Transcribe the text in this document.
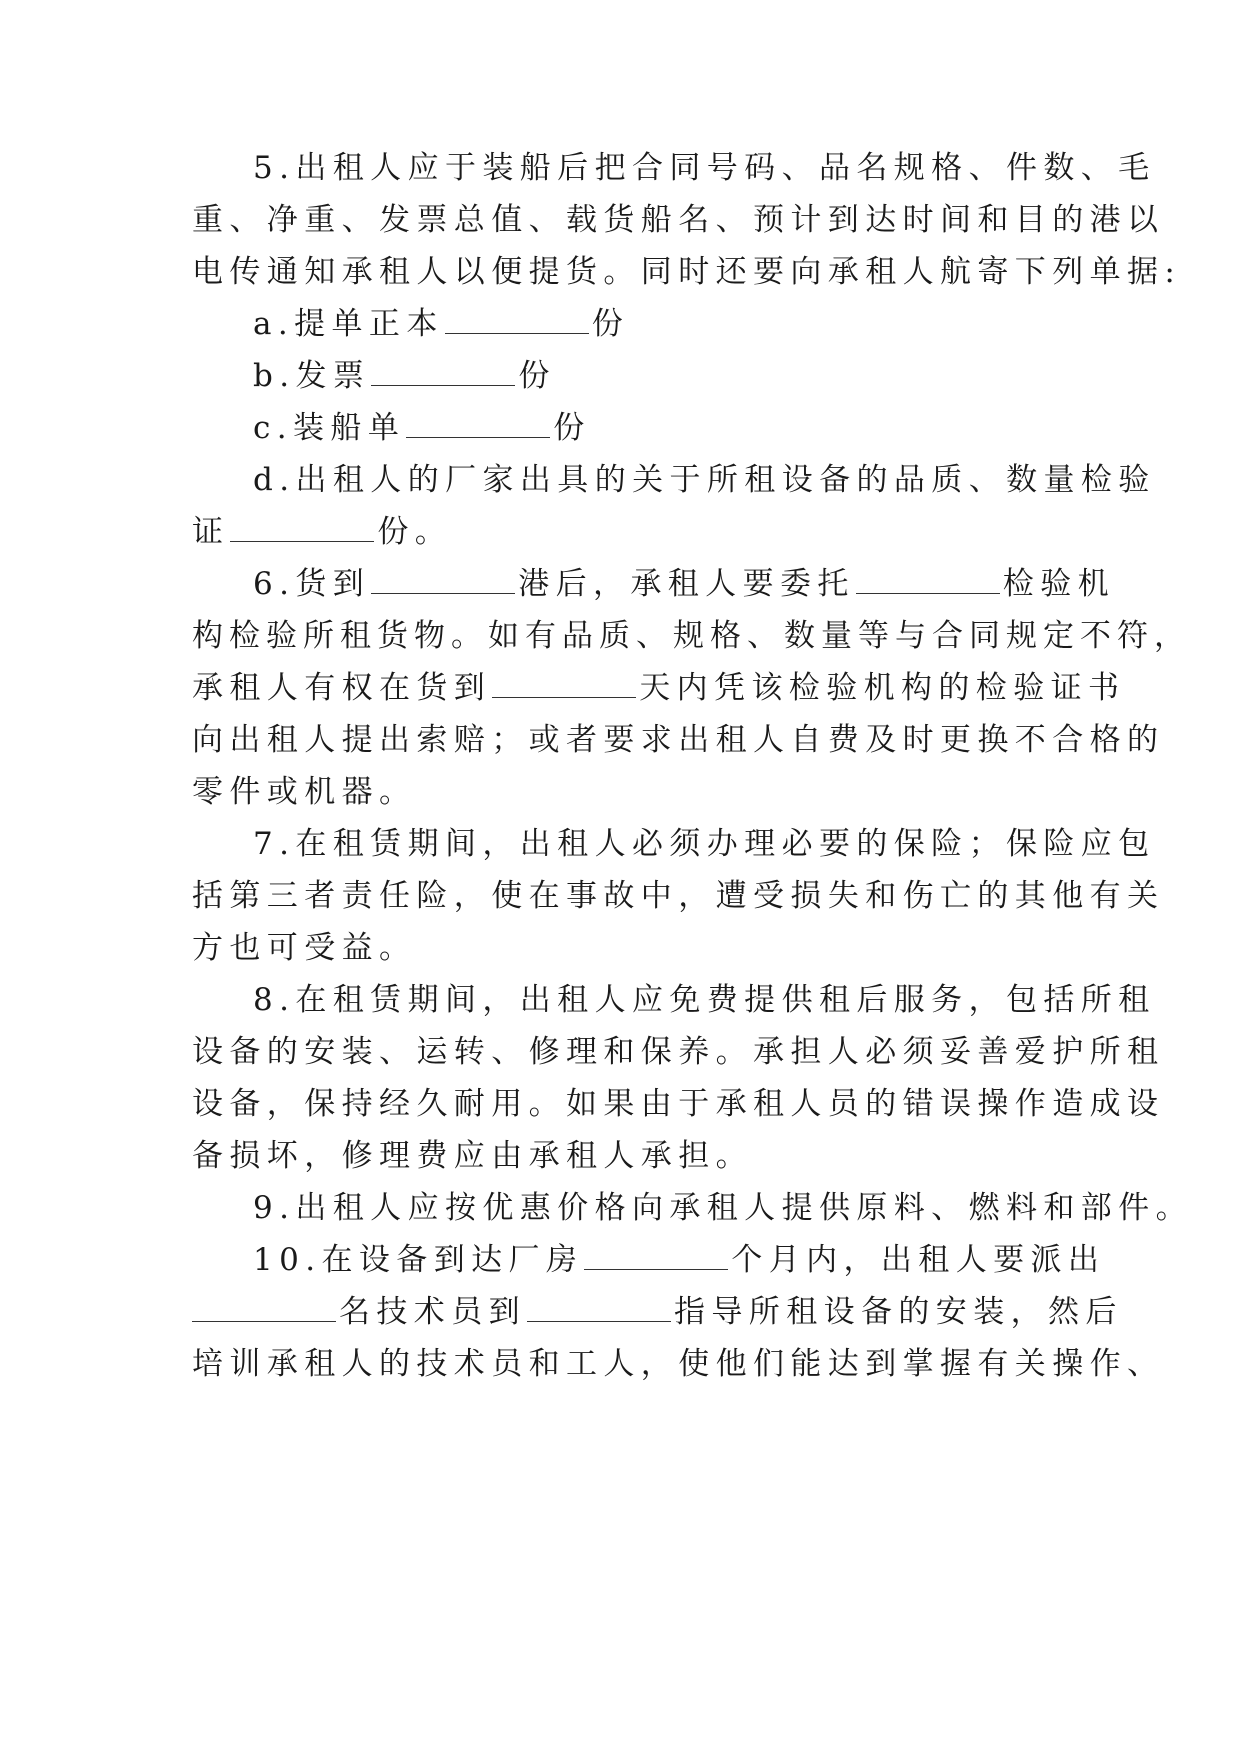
5.出租人应于装船后把合同号码、品名规格、件数、毛
重、净重、发票总值、载货船名、预计到达时间和目的港以
电传通知承租人以便提货。同时还要向承租人航寄下列单据:
a.提单正本	份
b.发票	份
c.装船单	份
d.出租人的厂家出具的关于所租设备的品质、数量检验
证	份。
6.货到	港后，承租人要委托	检验机
构检验所租货物。如有品质、规格、数量等与合同规定不符，
承租人有权在货到	天内凭该检验机构的检验证书
向出租人提出索赔；或者要求出租人自费及时更换不合格的
零件或机器。
7.在租赁期间，出租人必须办理必要的保险；保险应包
括第三者责任险，使在事故中，遭受损失和伤亡的其他有关
方也可受益。
8.在租赁期间，出租人应免费提供租后服务，包括所租
设备的安装、运转、修理和保养。承担人必须妥善爱护所租
设备，保持经久耐用。如果由于承租人员的错误操作造成设
备损坏，修理费应由承租人承担。
9.出租人应按优惠价格向承租人提供原料、燃料和部件。
10.在设备到达厂房	个月内，出租人要派出
名技术员到	指导所租设备的安装，然后
培训承租人的技术员和工人，使他们能达到掌握有关操作、
